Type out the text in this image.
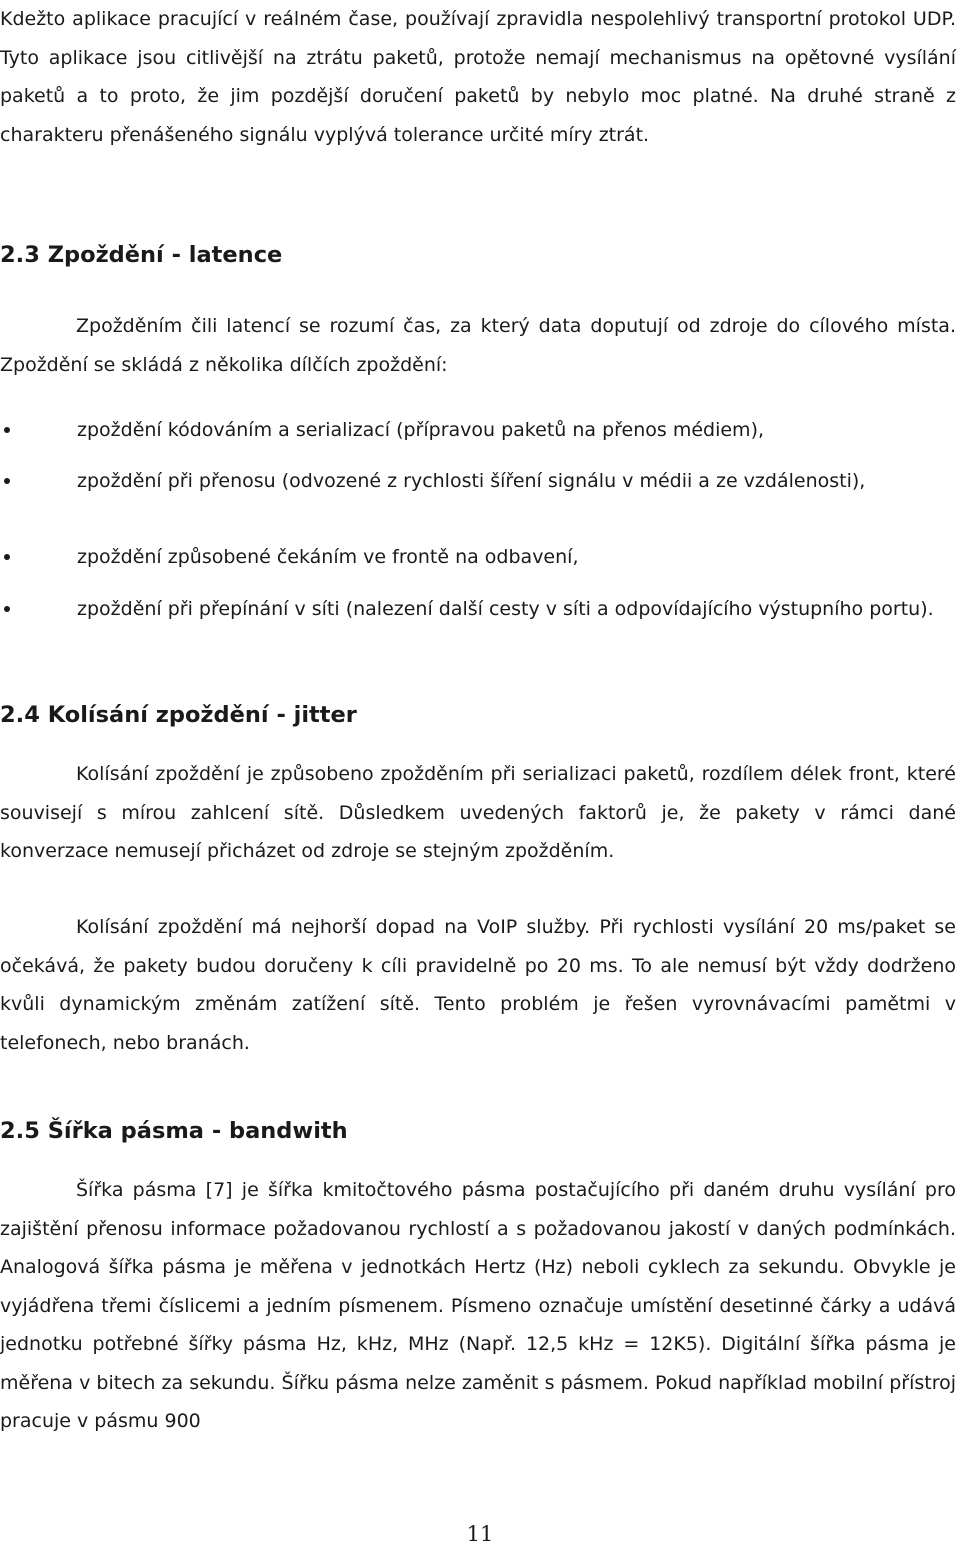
Kdežto aplikace pracující v reálném čase, používají zpravidla nespolehlivý transportní protokol UDP. Tyto aplikace jsou citlivější na ztrátu paketů, protože nemají mechanismus na opětovné vysílání paketů a to proto, že jim pozdější doručení paketů by nebylo moc platné. Na druhé straně z charakteru přenášeného signálu vyplývá tolerance určité míry ztrát.

2.3 Zpoždění - latence

Zpožděním čili latencí se rozumí čas, za který data doputují od zdroje do cílového místa. Zpoždění se skládá z několika dílčích zpoždění:

zpoždění kódováním a serializací (přípravou paketů na přenos médiem),
zpoždění při přenosu (odvozené z rychlosti šíření signálu v médii a ze vzdálenosti),
zpoždění způsobené čekáním ve frontě na odbavení,
zpoždění při přepínání v síti (nalezení další cesty v síti a odpovídajícího výstupního portu).
2.4 Kolísání zpoždění - jitter

Kolísání zpoždění je způsobeno zpožděním při serializaci paketů, rozdílem délek front, které souvisejí s mírou zahlcení sítě. Důsledkem uvedených faktorů je, že pakety v rámci dané konverzace nemusejí přicházet od zdroje se stejným zpožděním.

Kolísání zpoždění má nejhorší dopad na VoIP služby. Při rychlosti vysílání 20 ms/paket se očekává, že pakety budou doručeny k cíli pravidelně po 20 ms. To ale nemusí být vždy dodrženo kvůli dynamickým změnám zatížení sítě. Tento problém je řešen vyrovnávacími pamětmi v telefonech, nebo branách.

2.5 Šířka pásma - bandwith

Šířka pásma [7] je šířka kmitočtového pásma postačujícího při daném druhu vysílání pro zajištění přenosu informace požadovanou rychlostí a s požadovanou jakostí v daných podmínkách. Analogová šířka pásma je měřena v jednotkách Hertz (Hz) neboli cyklech za sekundu. Obvykle je vyjádřena třemi číslicemi a jedním písmenem. Písmeno označuje umístění desetinné čárky a udává jednotku potřebné šířky pásma Hz, kHz, MHz (Např. 12,5 kHz = 12K5). Digitální šířka pásma je měřena v bitech za sekundu. Šířku pásma nelze zaměnit s pásmem. Pokud například mobilní přístroj pracuje v pásmu 900

11
